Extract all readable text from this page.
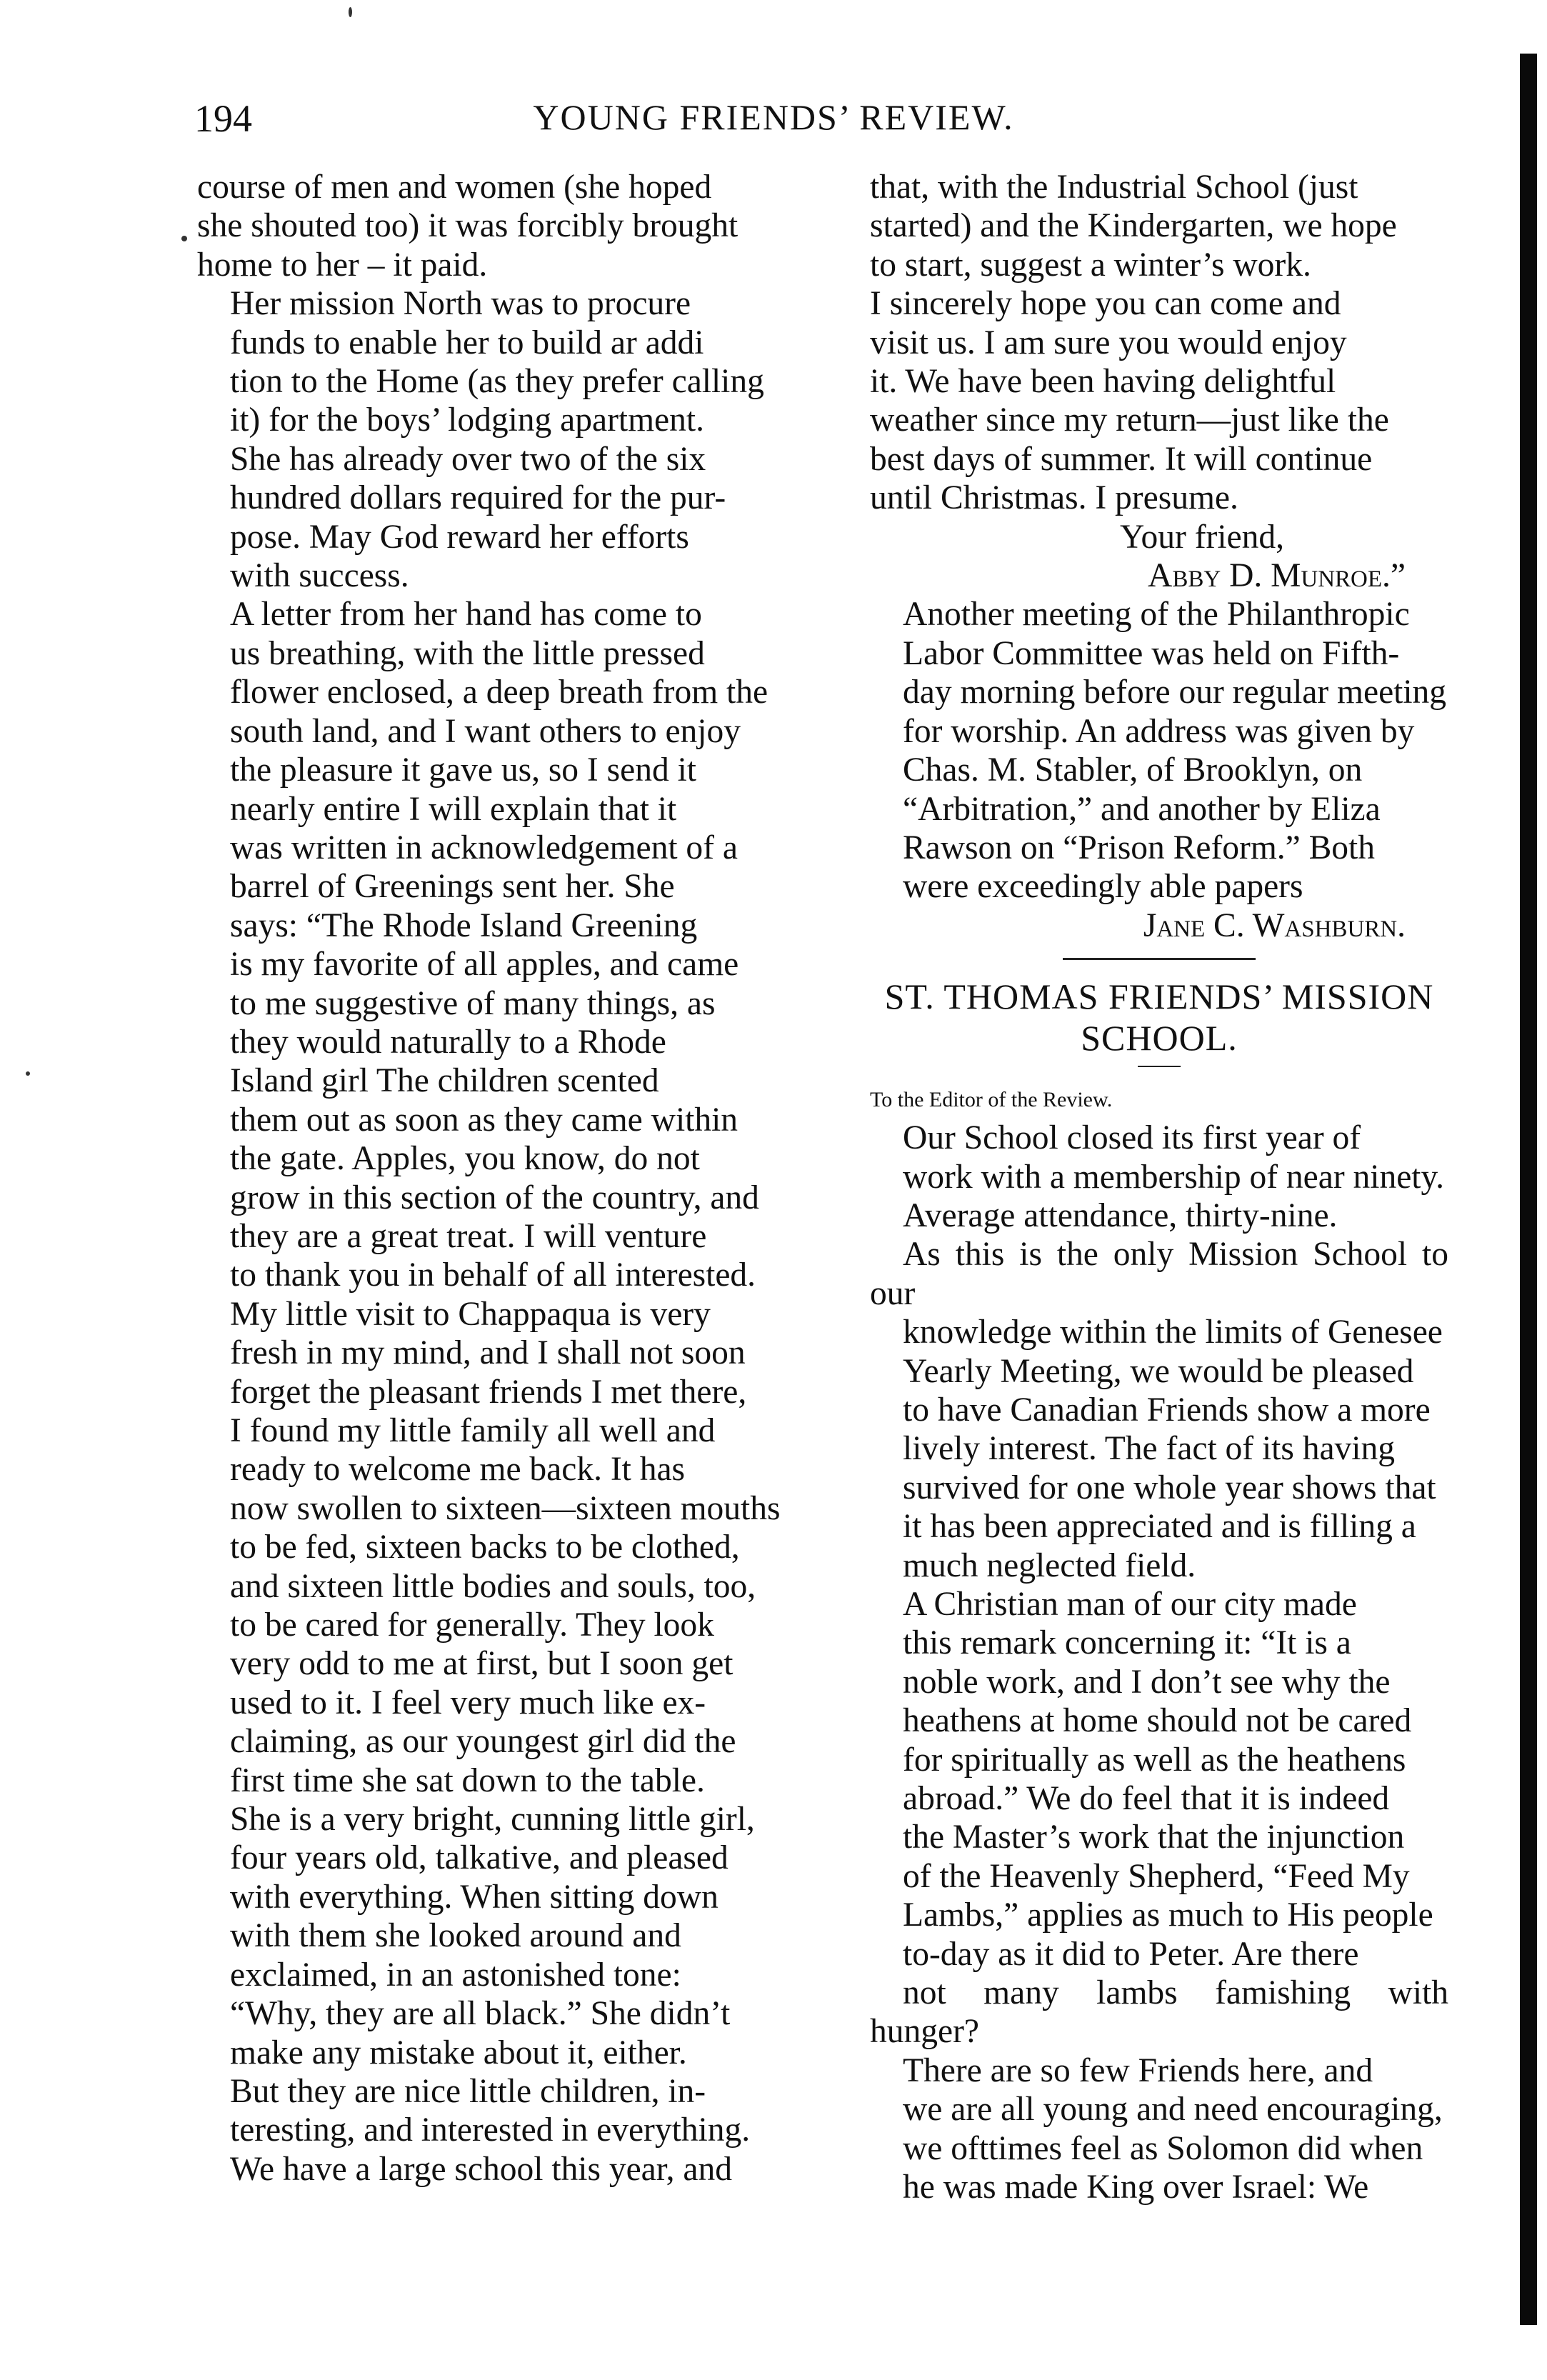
194	YOUNG FRIENDS’ REVIEW.
course of men and women (she hoped
she shouted too) it was forcibly brought
home to her – it paid.
Her mission North was to procure
funds to enable her to build ar addi
tion to the Home (as they prefer calling
it) for the boys’ lodging apartment.
She has already over two of the six
hundred dollars required for the pur-
pose. May God reward her efforts
with success.
A letter from her hand has come to
us breathing, with the little pressed
flower enclosed, a deep breath from the
south land, and I want others to enjoy
the pleasure it gave us, so I send it
nearly entire I will explain that it
was written in acknowledgement of a
barrel of Greenings sent her. She
says: “The Rhode Island Greening
is my favorite of all apples, and came
to me suggestive of many things, as
they would naturally to a Rhode
Island girl The children scented
them out as soon as they came within
the gate. Apples, you know, do not
grow in this section of the country, and
they are a great treat. I will venture
to thank you in behalf of all interested.
My little visit to Chappaqua is very
fresh in my mind, and I shall not soon
forget the pleasant friends I met there,
I found my little family all well and
ready to welcome me back. It has
now swollen to sixteen—sixteen mouths
to be fed, sixteen backs to be clothed,
and sixteen little bodies and souls, too,
to be cared for generally. They look
very odd to me at first, but I soon get
used to it. I feel very much like ex-
claiming, as our youngest girl did the
first time she sat down to the table.
She is a very bright, cunning little girl,
four years old, talkative, and pleased
with everything. When sitting down
with them she looked around and
exclaimed, in an astonished tone:
“Why, they are all black.” She didn’t
make any mistake about it, either.
But they are nice little children, in-
teresting, and interested in everything.
We have a large school this year, and
that, with the Industrial School (just
started) and the Kindergarten, we hope
to start, suggest a winter’s work.
I sincerely hope you can come and
visit us. I am sure you would enjoy
it. We have been having delightful
weather since my return—just like the
best days of summer. It will continue
until Christmas. I presume.
Your friend,
Abby D. Munroe.”
Another meeting of the Philanthropic
Labor Committee was held on Fifth-
day morning before our regular meeting
for worship. An address was given by
Chas. M. Stabler, of Brooklyn, on
“Arbitration,” and another by Eliza
Rawson on “Prison Reform.” Both
were exceedingly able papers
Jane C. Washburn.
ST. THOMAS FRIENDS’ MISSION
SCHOOL.
To the Editor of the Review.
Our School closed its first year of
work with a membership of near ninety.
Average attendance, thirty-nine.
As this is the only Mission School to our
knowledge within the limits of Genesee
Yearly Meeting, we would be pleased
to have Canadian Friends show a more
lively interest. The fact of its having
survived for one whole year shows that
it has been appreciated and is filling a
much neglected field.
A Christian man of our city made
this remark concerning it: “It is a
noble work, and I don’t see why the
heathens at home should not be cared
for spiritually as well as the heathens
abroad.” We do feel that it is indeed
the Master’s work that the injunction
of the Heavenly Shepherd, “Feed My
Lambs,” applies as much to His people
to-day as it did to Peter. Are there
not many lambs famishing with hunger?
There are so few Friends here, and
we are all young and need encouraging,
we ofttimes feel as Solomon did when
he was made King over Israel: We
